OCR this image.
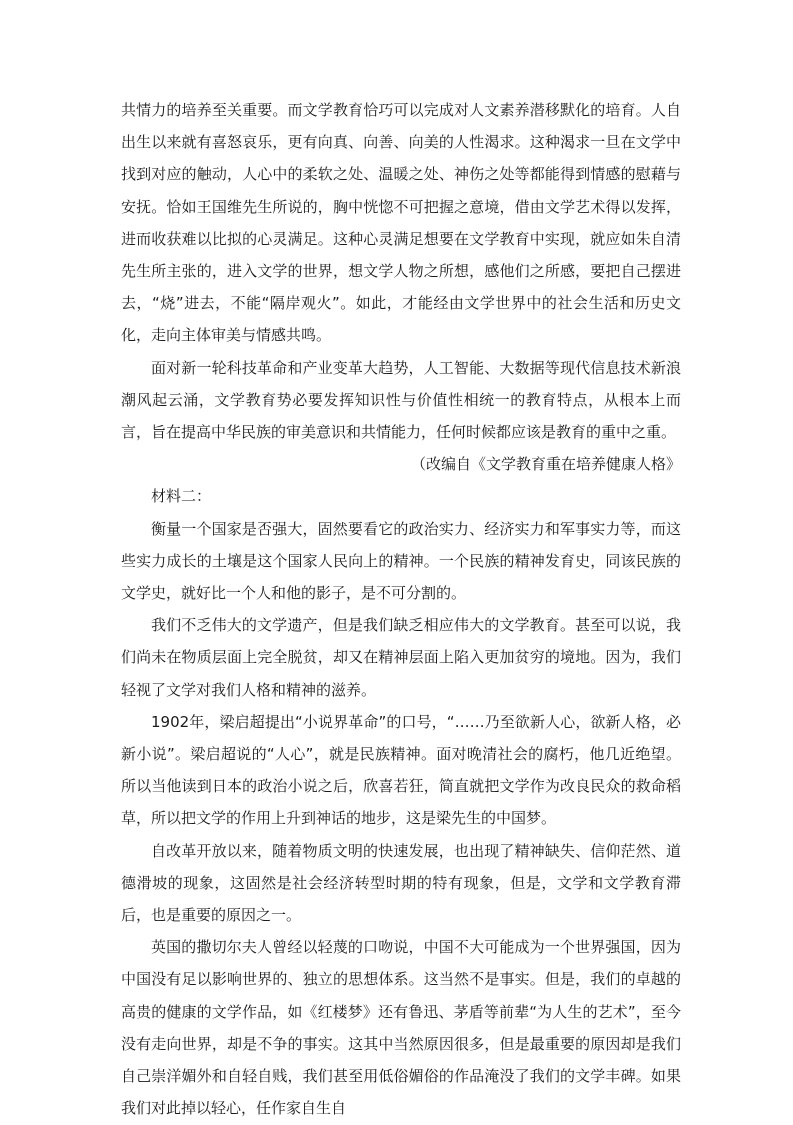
共情力的培养至关重要。而文学教育恰巧可以完成对人文素养潜移默化的培育。人自出生以来就有喜怒哀乐，更有向真、向善、向美的人性渴求。这种渴求一旦在文学中找到对应的触动，人心中的柔软之处、温暖之处、神伤之处等都能得到情感的慰藉与安抚。恰如王国维先生所说的，胸中恍惚不可把握之意境，借由文学艺术得以发挥，进而收获难以比拟的心灵满足。这种心灵满足想要在文学教育中实现，就应如朱自清先生所主张的，进入文学的世界，想文学人物之所想，感他们之所感，要把自己摆进去，“烧”进去，不能“隔岸观火”。如此，才能经由文学世界中的社会生活和历史文化，走向主体审美与情感共鸣。

面对新一轮科技革命和产业变革大趋势，人工智能、大数据等现代信息技术新浪潮风起云涌，文学教育势必要发挥知识性与价值性相统一的教育特点，从根本上而言，旨在提高中华民族的审美意识和共情能力，任何时候都应该是教育的重中之重。

（改编自《文学教育重在培养健康人格》

材料二：

衡量一个国家是否强大，固然要看它的政治实力、经济实力和军事实力等，而这些实力成长的土壤是这个国家人民向上的精神。一个民族的精神发育史，同该民族的文学史，就好比一个人和他的影子，是不可分割的。

我们不乏伟大的文学遗产，但是我们缺乏相应伟大的文学教育。甚至可以说，我们尚未在物质层面上完全脱贫，却又在精神层面上陷入更加贫穷的境地。因为，我们轻视了文学对我们人格和精神的滋养。

1902年，梁启超提出“小说界革命”的口号，“……乃至欲新人心，欲新人格，必新小说”。梁启超说的“人心”，就是民族精神。面对晚清社会的腐朽，他几近绝望。所以当他读到日本的政治小说之后，欣喜若狂，简直就把文学作为改良民众的救命稻草，所以把文学的作用上升到神话的地步，这是梁先生的中国梦。

自改革开放以来，随着物质文明的快速发展，也出现了精神缺失、信仰茫然、道德滑坡的现象，这固然是社会经济转型时期的特有现象，但是，文学和文学教育滞后，也是重要的原因之一。

英国的撒切尔夫人曾经以轻蔑的口吻说，中国不大可能成为一个世界强国，因为中国没有足以影响世界的、独立的思想体系。这当然不是事实。但是，我们的卓越的高贵的健康的文学作品，如《红楼梦》还有鲁迅、茅盾等前辈“为人生的艺术”，至今没有走向世界，却是不争的事实。这其中当然原因很多，但是最重要的原因却是我们自己崇洋媚外和自轻自贱，我们甚至用低俗媚俗的作品淹没了我们的文学丰碑。如果我们对此掉以轻心，任作家自生自
